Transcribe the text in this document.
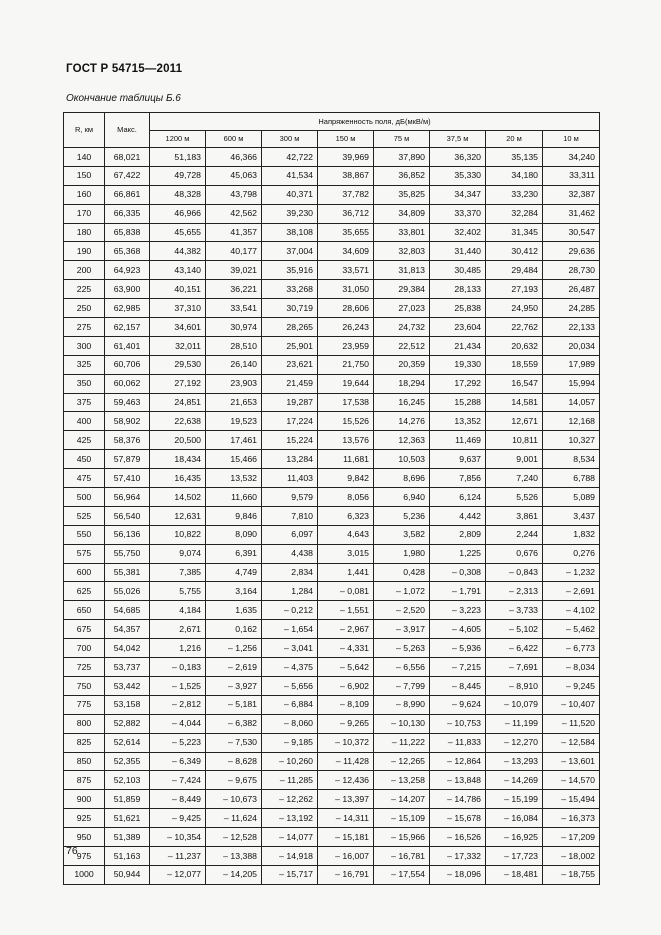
ГОСТ Р 54715—2011
Окончание таблицы Б.6
R, км	Макс.	Напряженность поля, дБ(мкВ/м)							
		1200 м	600 м	300 м	150 м	75 м	37,5 м	20 м	10 м
140	68,021	51,183	46,366	42,722	39,969	37,890	36,320	35,135	34,240
150	67,422	49,728	45,063	41,534	38,867	36,852	35,330	34,180	33,311
160	66,861	48,328	43,798	40,371	37,782	35,825	34,347	33,230	32,387
170	66,335	46,966	42,562	39,230	36,712	34,809	33,370	32,284	31,462
180	65,838	45,655	41,357	38,108	35,655	33,801	32,402	31,345	30,547
190	65,368	44,382	40,177	37,004	34,609	32,803	31,440	30,412	29,636
200	64,923	43,140	39,021	35,916	33,571	31,813	30,485	29,484	28,730
225	63,900	40,151	36,221	33,268	31,050	29,384	28,133	27,193	26,487
250	62,985	37,310	33,541	30,719	28,606	27,023	25,838	24,950	24,285
275	62,157	34,601	30,974	28,265	26,243	24,732	23,604	22,762	22,133
300	61,401	32,011	28,510	25,901	23,959	22,512	21,434	20,632	20,034
325	60,706	29,530	26,140	23,621	21,750	20,359	19,330	18,559	17,989
350	60,062	27,192	23,903	21,459	19,644	18,294	17,292	16,547	15,994
375	59,463	24,851	21,653	19,287	17,538	16,245	15,288	14,581	14,057
400	58,902	22,638	19,523	17,224	15,526	14,276	13,352	12,671	12,168
425	58,376	20,500	17,461	15,224	13,576	12,363	11,469	10,811	10,327
450	57,879	18,434	15,466	13,284	11,681	10,503	9,637	9,001	8,534
475	57,410	16,435	13,532	11,403	9,842	8,696	7,856	7,240	6,788
500	56,964	14,502	11,660	9,579	8,056	6,940	6,124	5,526	5,089
525	56,540	12,631	9,846	7,810	6,323	5,236	4,442	3,861	3,437
550	56,136	10,822	8,090	6,097	4,643	3,582	2,809	2,244	1,832
575	55,750	9,074	6,391	4,438	3,015	1,980	1,225	0,676	0,276
600	55,381	7,385	4,749	2,834	1,441	0,428	– 0,308	– 0,843	– 1,232
625	55,026	5,755	3,164	1,284	– 0,081	– 1,072	– 1,791	– 2,313	– 2,691
650	54,685	4,184	1,635	– 0,212	– 1,551	– 2,520	– 3,223	– 3,733	– 4,102
675	54,357	2,671	0,162	– 1,654	– 2,967	– 3,917	– 4,605	– 5,102	– 5,462
700	54,042	1,216	– 1,256	– 3,041	– 4,331	– 5,263	– 5,936	– 6,422	– 6,773
725	53,737	– 0,183	– 2,619	– 4,375	– 5,642	– 6,556	– 7,215	– 7,691	– 8,034
750	53,442	– 1,525	– 3,927	– 5,656	– 6,902	– 7,799	– 8,445	– 8,910	– 9,245
775	53,158	– 2,812	– 5,181	– 6,884	– 8,109	– 8,990	– 9,624	– 10,079	– 10,407
800	52,882	– 4,044	– 6,382	– 8,060	– 9,265	– 10,130	– 10,753	– 11,199	– 11,520
825	52,614	– 5,223	– 7,530	– 9,185	– 10,372	– 11,222	– 11,833	– 12,270	– 12,584
850	52,355	– 6,349	– 8,628	– 10,260	– 11,428	– 12,265	– 12,864	– 13,293	– 13,601
875	52,103	– 7,424	– 9,675	– 11,285	– 12,436	– 13,258	– 13,848	– 14,269	– 14,570
900	51,859	– 8,449	– 10,673	– 12,262	– 13,397	– 14,207	– 14,786	– 15,199	– 15,494
925	51,621	– 9,425	– 11,624	– 13,192	– 14,311	– 15,109	– 15,678	– 16,084	– 16,373
950	51,389	– 10,354	– 12,528	– 14,077	– 15,181	– 15,966	– 16,526	– 16,925	– 17,209
975	51,163	– 11,237	– 13,388	– 14,918	– 16,007	– 16,781	– 17,332	– 17,723	– 18,002
1000	50,944	– 12,077	– 14,205	– 15,717	– 16,791	– 17,554	– 18,096	– 18,481	– 18,755
76
